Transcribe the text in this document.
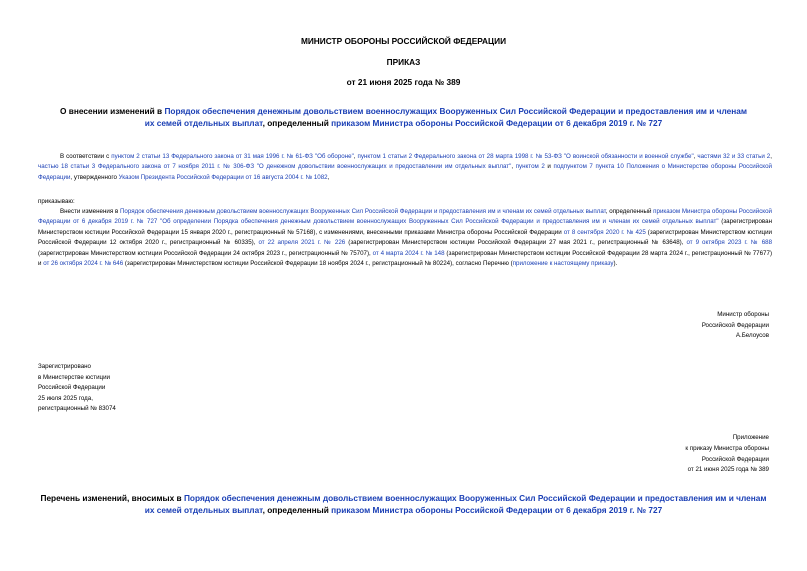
МИНИСТР ОБОРОНЫ РОССИЙСКОЙ ФЕДЕРАЦИИ
ПРИКАЗ
от 21 июня 2025 года № 389
О внесении изменений в Порядок обеспечения денежным довольствием военнослужащих Вооруженных Сил Российской Федерации и предоставления им и членам их семей отдельных выплат, определенный приказом Министра обороны Российской Федерации от 6 декабря 2019 г. № 727
В соответствии с пунктом 2 статьи 13 Федерального закона от 31 мая 1996 г. № 61-ФЗ "Об обороне", пунктом 1 статьи 2 Федерального закона от 28 марта 1998 г. № 53-ФЗ "О воинской обязанности и военной службе", частями 32 и 33 статьи 2, частью 18 статьи 3 Федерального закона от 7 ноября 2011 г. № 306-ФЗ "О денежном довольствии военнослужащих и предоставлении им отдельных выплат", пунктом 2 и подпунктом 7 пункта 10 Положения о Министерстве обороны Российской Федерации, утвержденного Указом Президента Российской Федерации от 16 августа 2004 г. № 1082,
приказываю:
Внести изменения в Порядок обеспечения денежным довольствием военнослужащих Вооруженных Сил Российской Федерации и предоставления им и членам их семей отдельных выплат, определенный приказом Министра обороны Российской Федерации от 6 декабря 2019 г. № 727 "Об определении Порядка обеспечения денежным довольствием военнослужащих Вооруженных Сил Российской Федерации и предоставления им и членам их семей отдельных выплат" (зарегистрирован Министерством юстиции Российской Федерации 15 января 2020 г., регистрационный № 57168), с изменениями, внесенными приказами Министра обороны Российской Федерации от 8 сентября 2020 г. № 425 (зарегистрирован Министерством юстиции Российской Федерации 12 октября 2020 г., регистрационный № 60335), от 22 апреля 2021 г. № 226 (зарегистрирован Министерством юстиции Российской Федерации 27 мая 2021 г., регистрационный № 63648), от 9 октября 2023 г. № 688 (зарегистрирован Министерством юстиции Российской Федерации 24 октября 2023 г., регистрационный № 75707), от 4 марта 2024 г. № 148 (зарегистрирован Министерством юстиции Российской Федерации 28 марта 2024 г., регистрационный № 77677) и от 26 октября 2024 г. № 646 (зарегистрирован Министерством юстиции Российской Федерации 18 ноября 2024 г., регистрационный № 80224), согласно Перечню (приложение к настоящему приказу).
Министр обороны
Российской Федерации
А.Белоусов
Зарегистрировано
в Министерстве юстиции
Российской Федерации
25 июля 2025 года,
регистрационный № 83074
Приложение
к приказу Министра обороны
Российской Федерации
от 21 июня 2025 года № 389
Перечень изменений, вносимых в Порядок обеспечения денежным довольствием военнослужащих Вооруженных Сил Российской Федерации и предоставления им и членам их семей отдельных выплат, определенный приказом Министра обороны Российской Федерации от 6 декабря 2019 г. № 727
